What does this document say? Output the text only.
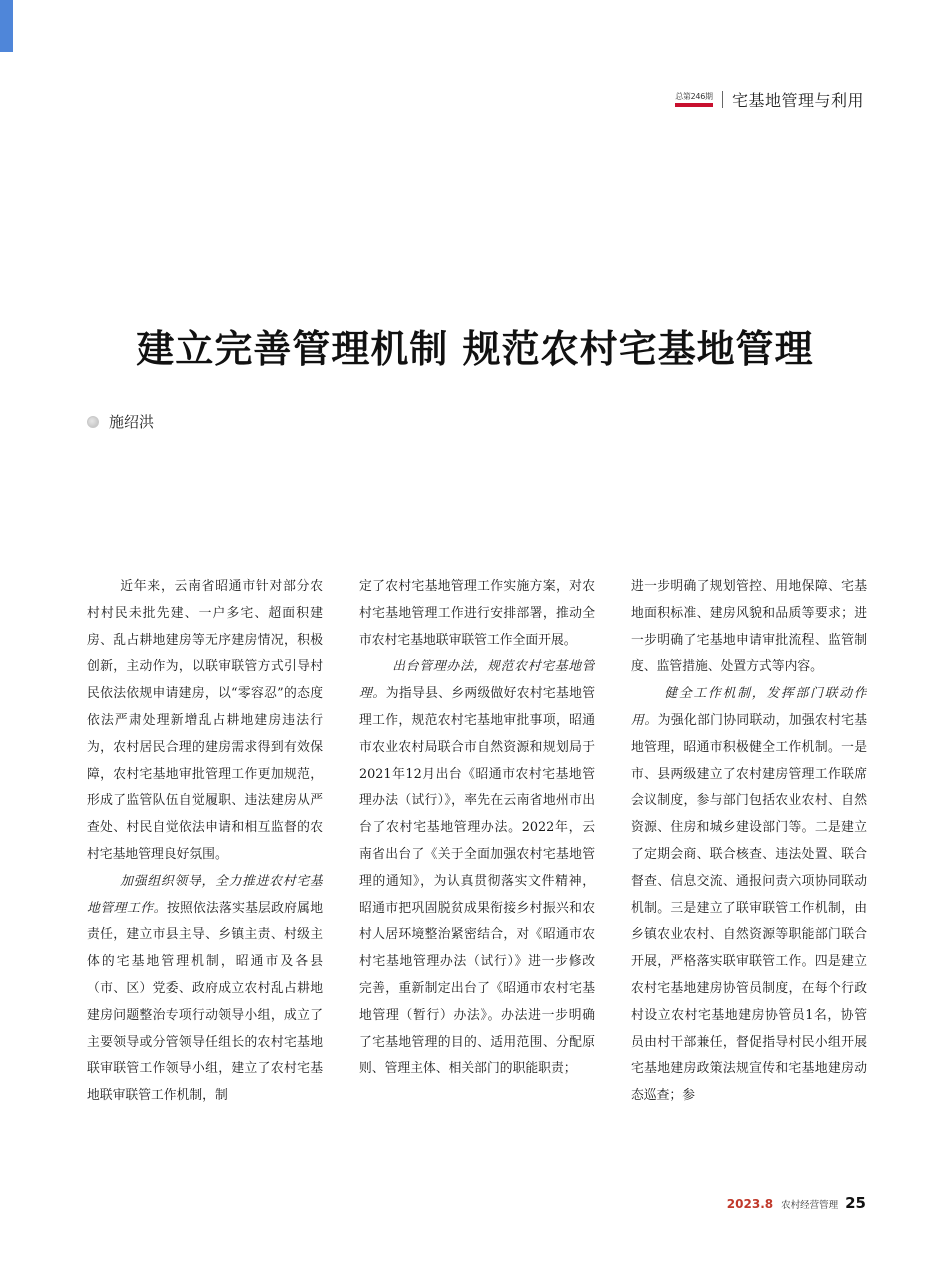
总第246期 宅基地管理与利用
建立完善管理机制 规范农村宅基地管理
施绍洪

近年来，云南省昭通市针对部分农村村民未批先建、一户多宅、超面积建房、乱占耕地建房等无序建房情况，积极创新，主动作为，以联审联管方式引导村民依法依规申请建房，以“零容忍”的态度依法严肃处理新增乱占耕地建房违法行为，农村居民合理的建房需求得到有效保障，农村宅基地审批管理工作更加规范，形成了监管队伍自觉履职、违法建房从严查处、村民自觉依法申请和相互监督的农村宅基地管理良好氛围。

加强组织领导，全力推进农村宅基地管理工作。按照依法落实基层政府属地责任，建立市县主导、乡镇主责、村级主体的宅基地管理机制，昭通市及各县（市、区）党委、政府成立农村乱占耕地建房问题整治专项行动领导小组，成立了主要领导或分管领导任组长的农村宅基地联审联管工作领导小组，建立了农村宅基地联审联管工作机制，制

定了农村宅基地管理工作实施方案，对农村宅基地管理工作进行安排部署，推动全市农村宅基地联审联管工作全面开展。

出台管理办法，规范农村宅基地管理。为指导县、乡两级做好农村宅基地管理工作，规范农村宅基地审批事项，昭通市农业农村局联合市自然资源和规划局于2021年12月出台《昭通市农村宅基地管理办法（试行）》，率先在云南省地州市出台了农村宅基地管理办法。2022年，云南省出台了《关于全面加强农村宅基地管理的通知》，为认真贯彻落实文件精神，昭通市把巩固脱贫成果衔接乡村振兴和农村人居环境整治紧密结合，对《昭通市农村宅基地管理办法（试行）》进一步修改完善，重新制定出台了《昭通市农村宅基地管理（暂行）办法》。办法进一步明确了宅基地管理的目的、适用范围、分配原则、管理主体、相关部门的职能职责；

进一步明确了规划管控、用地保障、宅基地面积标准、建房风貌和品质等要求；进一步明确了宅基地申请审批流程、监管制度、监管措施、处置方式等内容。

健全工作机制，发挥部门联动作用。为强化部门协同联动，加强农村宅基地管理，昭通市积极健全工作机制。一是市、县两级建立了农村建房管理工作联席会议制度，参与部门包括农业农村、自然资源、住房和城乡建设部门等。二是建立了定期会商、联合核查、违法处置、联合督查、信息交流、通报问责六项协同联动机制。三是建立了联审联管工作机制，由乡镇农业农村、自然资源等职能部门联合开展，严格落实联审联管工作。四是建立农村宅基地建房协管员制度，在每个行政村设立农村宅基地建房协管员1名，协管员由村干部兼任，督促指导村民小组开展宅基地建房政策法规宣传和宅基地建房动态巡查；参

2023.8 农村经营管理 25
